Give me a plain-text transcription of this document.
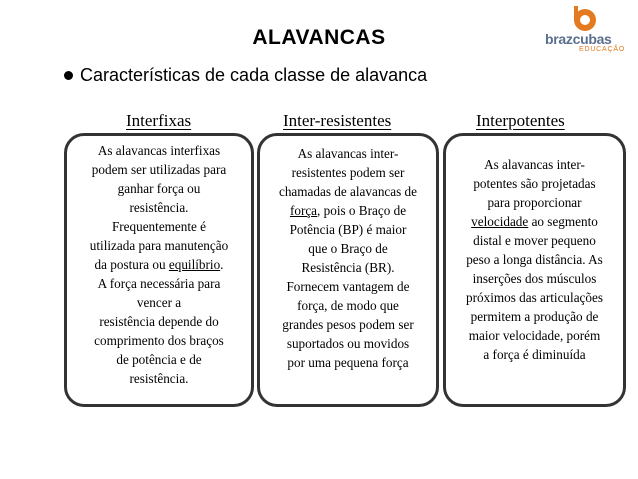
ALAVANCAS	brazcubas
EDUCAÇÃO
Características de cada classe de alavanca
Interfixas
As alavancas interfixas
podem ser utilizadas para
ganhar força ou
resistência.
Frequentemente é
utilizada para manutenção
da postura ou equilíbrio.
A força necessária para
vencer a
resistência depende do
comprimento dos braços
de potência e de
resistência.
Inter-resistentes
As alavancas inter-
resistentes podem ser
chamadas de alavancas de
força, pois o Braço de
Potência (BP) é maior
que o Braço de
Resistência (BR).
Fornecem vantagem de
força, de modo que
grandes pesos podem ser
suportados ou movidos
por uma pequena força
Interpotentes
As alavancas inter-
potentes são projetadas
para proporcionar
velocidade ao segmento
distal e mover pequeno
peso a longa distância. As
inserções dos músculos
próximos das articulações
permitem a produção de
maior velocidade, porém
a força é diminuída
